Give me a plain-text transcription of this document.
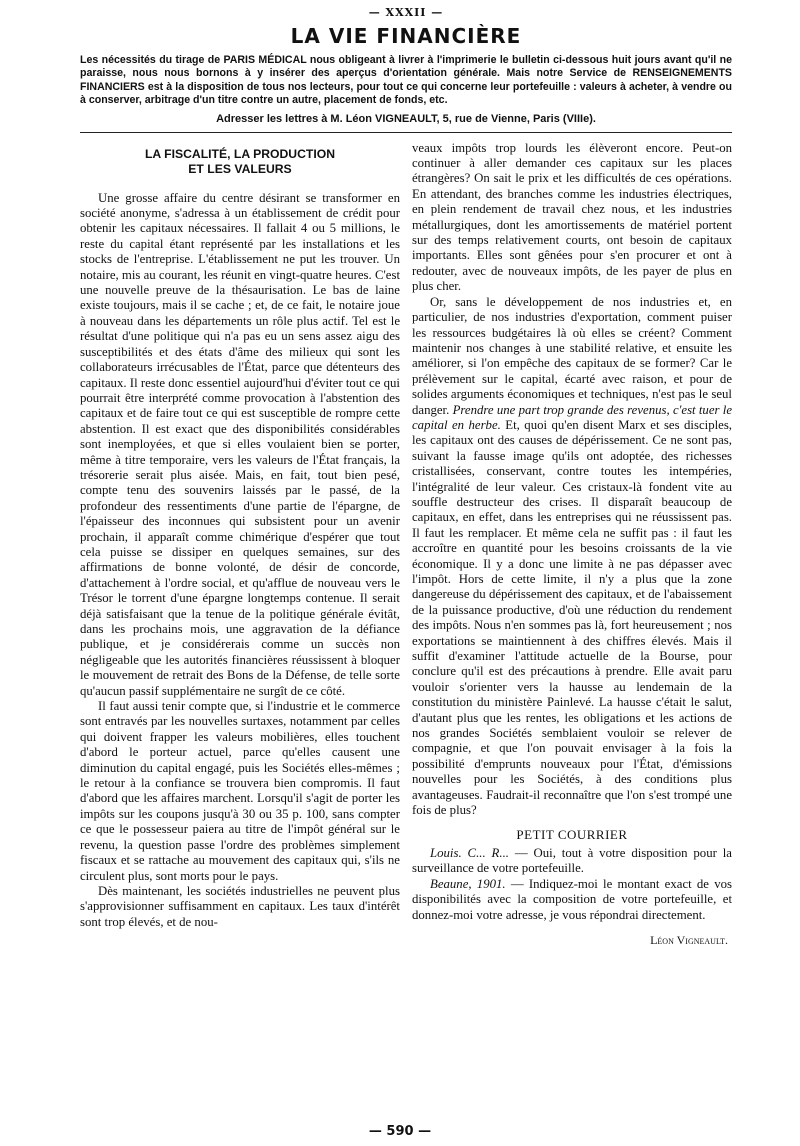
— XXXII —
LA VIE FINANCIÈRE
Les nécessités du tirage de PARIS MÉDICAL nous obligeant à livrer à l'imprimerie le bulletin ci-dessous huit jours avant qu'il ne paraisse, nous nous bornons à y insérer des aperçus d'orientation générale. Mais notre Service de RENSEIGNEMENTS FINANCIERS est à la disposition de tous nos lecteurs, pour tout ce qui concerne leur portefeuille : valeurs à acheter, à vendre ou à conserver, arbitrage d'un titre contre un autre, placement de fonds, etc.
Adresser les lettres à M. Léon VIGNEAULT, 5, rue de Vienne, Paris (VIIIe).
LA FISCALITÉ, LA PRODUCTION
ET LES VALEURS

Une grosse affaire du centre désirant se transformer en société anonyme, s'adressa à un établissement de crédit pour obtenir les capitaux nécessaires. Il fallait 4 ou 5 millions, le reste du capital étant représenté par les installations et les stocks de l'entreprise. L'établissement ne put les trouver. Un notaire, mis au courant, les réunit en vingt-quatre heures. C'est une nouvelle preuve de la thésaurisation. Le bas de laine existe toujours, mais il se cache ; et, de ce fait, le notaire joue à nouveau dans les départements un rôle plus actif. Tel est le résultat d'une politique qui n'a pas eu un sens assez aigu des susceptibilités et des états d'âme des milieux qui sont les collaborateurs irrécusables de l'État, parce que détenteurs des capitaux. Il reste donc essentiel aujourd'hui d'éviter tout ce qui pourrait être interprété comme provocation à l'abstention des capitaux et de faire tout ce qui est susceptible de rompre cette abstention. Il est exact que des disponibilités considérables sont inemployées, et que si elles voulaient bien se porter, même à titre temporaire, vers les valeurs de l'État français, la trésorerie serait plus aisée. Mais, en fait, tout bien pesé, compte tenu des souvenirs laissés par le passé, de la profondeur des ressentiments d'une partie de l'épargne, de l'épaisseur des inconnues qui subsistent pour un avenir prochain, il apparaît comme chimérique d'espérer que tout cela puisse se dissiper en quelques semaines, sur des affirmations de bonne volonté, de désir de concorde, d'attachement à l'ordre social, et qu'afflue de nouveau vers le Trésor le torrent d'une épargne longtemps contenue. Il serait déjà satisfaisant que la tenue de la politique générale évitât, dans les prochains mois, une aggravation de la défiance publique, et je considérerais comme un succès non négligeable que les autorités financières réussissent à bloquer le mouvement de retrait des Bons de la Défense, de telle sorte qu'aucun passif supplémentaire ne surgît de ce côté.

Il faut aussi tenir compte que, si l'industrie et le commerce sont entravés par les nouvelles surtaxes, notamment par celles qui doivent frapper les valeurs mobilières, elles touchent d'abord le porteur actuel, parce qu'elles causent une diminution du capital engagé, puis les Sociétés elles-mêmes ; le retour à la confiance se trouvera bien compromis. Il faut d'abord que les affaires marchent. Lorsqu'il s'agit de porter les impôts sur les coupons jusqu'à 30 ou 35 p. 100, sans compter ce que le possesseur paiera au titre de l'impôt général sur le revenu, la question passe l'ordre des problèmes simplement fiscaux et se rattache au mouvement des capitaux qui, s'ils ne circulent plus, sont morts pour le pays.

Dès maintenant, les sociétés industrielles ne peuvent plus s'approvisionner suffisamment en capitaux. Les taux d'intérêt sont trop élevés, et de nou-

veaux impôts trop lourds les élèveront encore. Peut-on continuer à aller demander ces capitaux sur les places étrangères? On sait le prix et les difficultés de ces opérations. En attendant, des branches comme les industries électriques, en plein rendement de travail chez nous, et les industries métallurgiques, dont les amortissements de matériel portent sur des temps relativement courts, ont besoin de capitaux importants. Elles sont gênées pour s'en procurer et ont à redouter, avec de nouveaux impôts, de les payer de plus en plus cher.

Or, sans le développement de nos industries et, en particulier, de nos industries d'exportation, comment puiser les ressources budgétaires là où elles se créent? Comment maintenir nos changes à une stabilité relative, et ensuite les améliorer, si l'on empêche des capitaux de se former? Car le prélèvement sur le capital, écarté avec raison, et pour de solides arguments économiques et techniques, n'est pas le seul danger. Prendre une part trop grande des revenus, c'est tuer le capital en herbe. Et, quoi qu'en disent Marx et ses disciples, les capitaux ont des causes de dépérissement. Ce ne sont pas, suivant la fausse image qu'ils ont adoptée, des richesses cristallisées, conservant, contre toutes les intempéries, l'intégralité de leur valeur. Ces cristaux-là fondent vite au souffle destructeur des crises. Il disparaît beaucoup de capitaux, en effet, dans les entreprises qui ne réussissent pas. Il faut les remplacer. Et même cela ne suffit pas : il faut les accroître en quantité pour les besoins croissants de la vie économique. Il y a donc une limite à ne pas dépasser avec l'impôt. Hors de cette limite, il n'y a plus que la zone dangereuse du dépérissement des capitaux, et de l'abaissement de la puissance productive, d'où une réduction du rendement des impôts. Nous n'en sommes pas là, fort heureusement ; nos exportations se maintiennent à des chiffres élevés. Mais il suffit d'examiner l'attitude actuelle de la Bourse, pour conclure qu'il est des précautions à prendre. Elle avait paru vouloir s'orienter vers la hausse au lendemain de la constitution du ministère Painlevé. La hausse c'était le salut, d'autant plus que les rentes, les obligations et les actions de nos grandes Sociétés semblaient vouloir se relever de compagnie, et que l'on pouvait envisager à la fois la possibilité d'emprunts nouveaux pour l'État, d'émissions nouvelles pour les Sociétés, à des conditions plus avantageuses. Faudrait-il reconnaître que l'on s'est trompé une fois de plus?

PETIT COURRIER

Louis. C... R... — Oui, tout à votre disposition pour la surveillance de votre portefeuille.

Beaune, 1901. — Indiquez-moi le montant exact de vos disponibilités avec la composition de votre portefeuille, et donnez-moi votre adresse, je vous répondrai directement.

Léon Vigneault.
— 590 —
